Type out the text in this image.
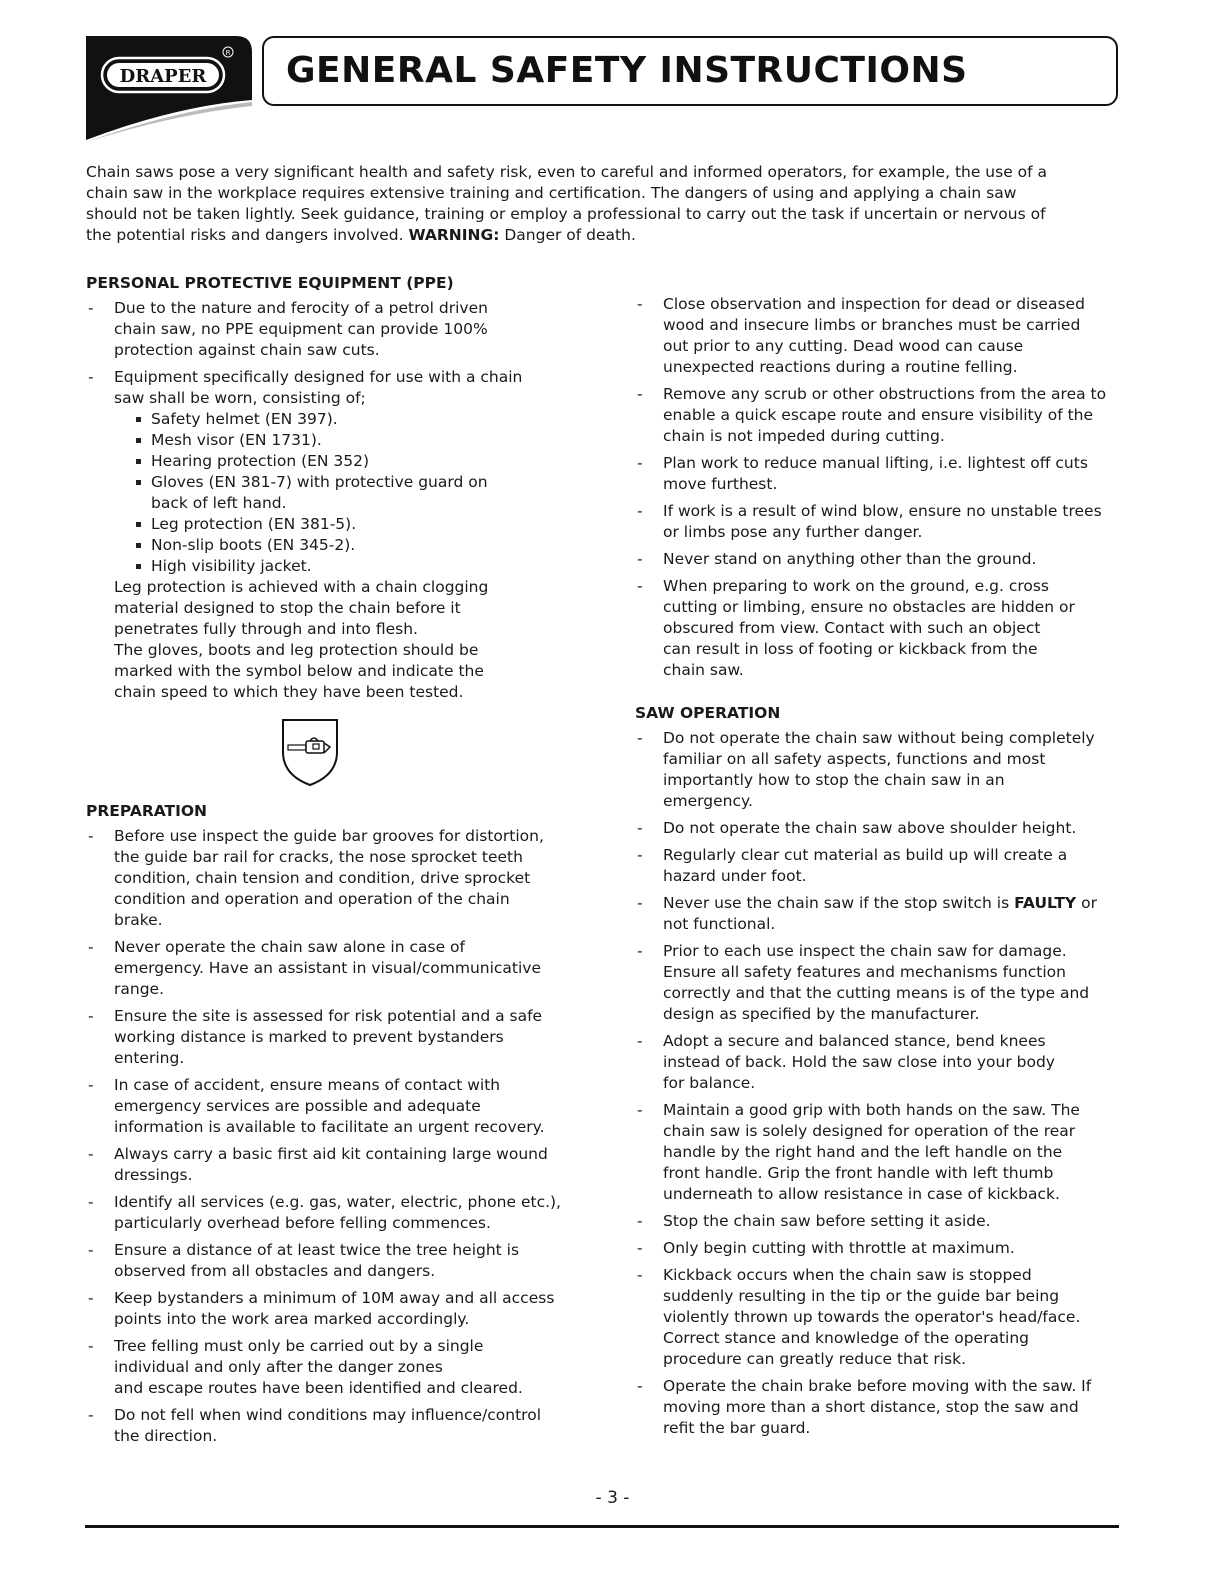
DRAPER
R GENERAL SAFETY INSTRUCTIONS
Chain saws pose a very significant health and safety risk, even to careful and informed operators, for example, the use of a
chain saw in the workplace requires extensive training and certification. The dangers of using and applying a chain saw
should not be taken lightly. Seek guidance, training or employ a professional to carry out the task if uncertain or nervous of
the potential risks and dangers involved. WARNING: Danger of death.
PERSONAL PROTECTIVE EQUIPMENT (PPE)
- Due to the nature and ferocity of a petrol driven
chain saw, no PPE equipment can provide 100%
protection against chain saw cuts.
- Equipment specifically designed for use with a chain
saw shall be worn, consisting of;
Safety helmet (EN 397).
Mesh visor (EN 1731).
Hearing protection (EN 352)
Gloves (EN 381-7) with protective guard on
back of left hand.
Leg protection (EN 381-5).
Non-slip boots (EN 345-2).
High visibility jacket.
Leg protection is achieved with a chain clogging
material designed to stop the chain before it
penetrates fully through and into flesh.
The gloves, boots and leg protection should be
marked with the symbol below and indicate the
chain speed to which they have been tested.
PREPARATION
- Before use inspect the guide bar grooves for distortion,
the guide bar rail for cracks, the nose sprocket teeth
condition, chain tension and condition, drive sprocket
condition and operation and operation of the chain
brake.
- Never operate the chain saw alone in case of
emergency. Have an assistant in visual/communicative
range.
- Ensure the site is assessed for risk potential and a safe
working distance is marked to prevent bystanders
entering.
- In case of accident, ensure means of contact with
emergency services are possible and adequate
information is available to facilitate an urgent recovery.
- Always carry a basic first aid kit containing large wound
dressings.
- Identify all services (e.g. gas, water, electric, phone etc.),
particularly overhead before felling commences.
- Ensure a distance of at least twice the tree height is
observed from all obstacles and dangers.
- Keep bystanders a minimum of 10M away and all access
points into the work area marked accordingly.
- Tree felling must only be carried out by a single
individual and only after the danger zones
and escape routes have been identified and cleared.
- Do not fell when wind conditions may influence/control
the direction.
- Close observation and inspection for dead or diseased
wood and insecure limbs or branches must be carried
out prior to any cutting. Dead wood can cause
unexpected reactions during a routine felling.
- Remove any scrub or other obstructions from the area to
enable a quick escape route and ensure visibility of the
chain is not impeded during cutting.
- Plan work to reduce manual lifting, i.e. lightest off cuts
move furthest.
- If work is a result of wind blow, ensure no unstable trees
or limbs pose any further danger.
- Never stand on anything other than the ground.
- When preparing to work on the ground, e.g. cross
cutting or limbing, ensure no obstacles are hidden or
obscured from view. Contact with such an object
can result in loss of footing or kickback from the
chain saw.
SAW OPERATION
- Do not operate the chain saw without being completely
familiar on all safety aspects, functions and most
importantly how to stop the chain saw in an
emergency.
- Do not operate the chain saw above shoulder height.
- Regularly clear cut material as build up will create a
hazard under foot.
- Never use the chain saw if the stop switch is FAULTY or
not functional.
- Prior to each use inspect the chain saw for damage.
Ensure all safety features and mechanisms function
correctly and that the cutting means is of the type and
design as specified by the manufacturer.
- Adopt a secure and balanced stance, bend knees
instead of back. Hold the saw close into your body
for balance.
- Maintain a good grip with both hands on the saw. The
chain saw is solely designed for operation of the rear
handle by the right hand and the left handle on the
front handle. Grip the front handle with left thumb
underneath to allow resistance in case of kickback.
- Stop the chain saw before setting it aside.
- Only begin cutting with throttle at maximum.
- Kickback occurs when the chain saw is stopped
suddenly resulting in the tip or the guide bar being
violently thrown up towards the operator's head/face.
Correct stance and knowledge of the operating
procedure can greatly reduce that risk.
- Operate the chain brake before moving with the saw. If
moving more than a short distance, stop the saw and
refit the bar guard.
- 3 -
